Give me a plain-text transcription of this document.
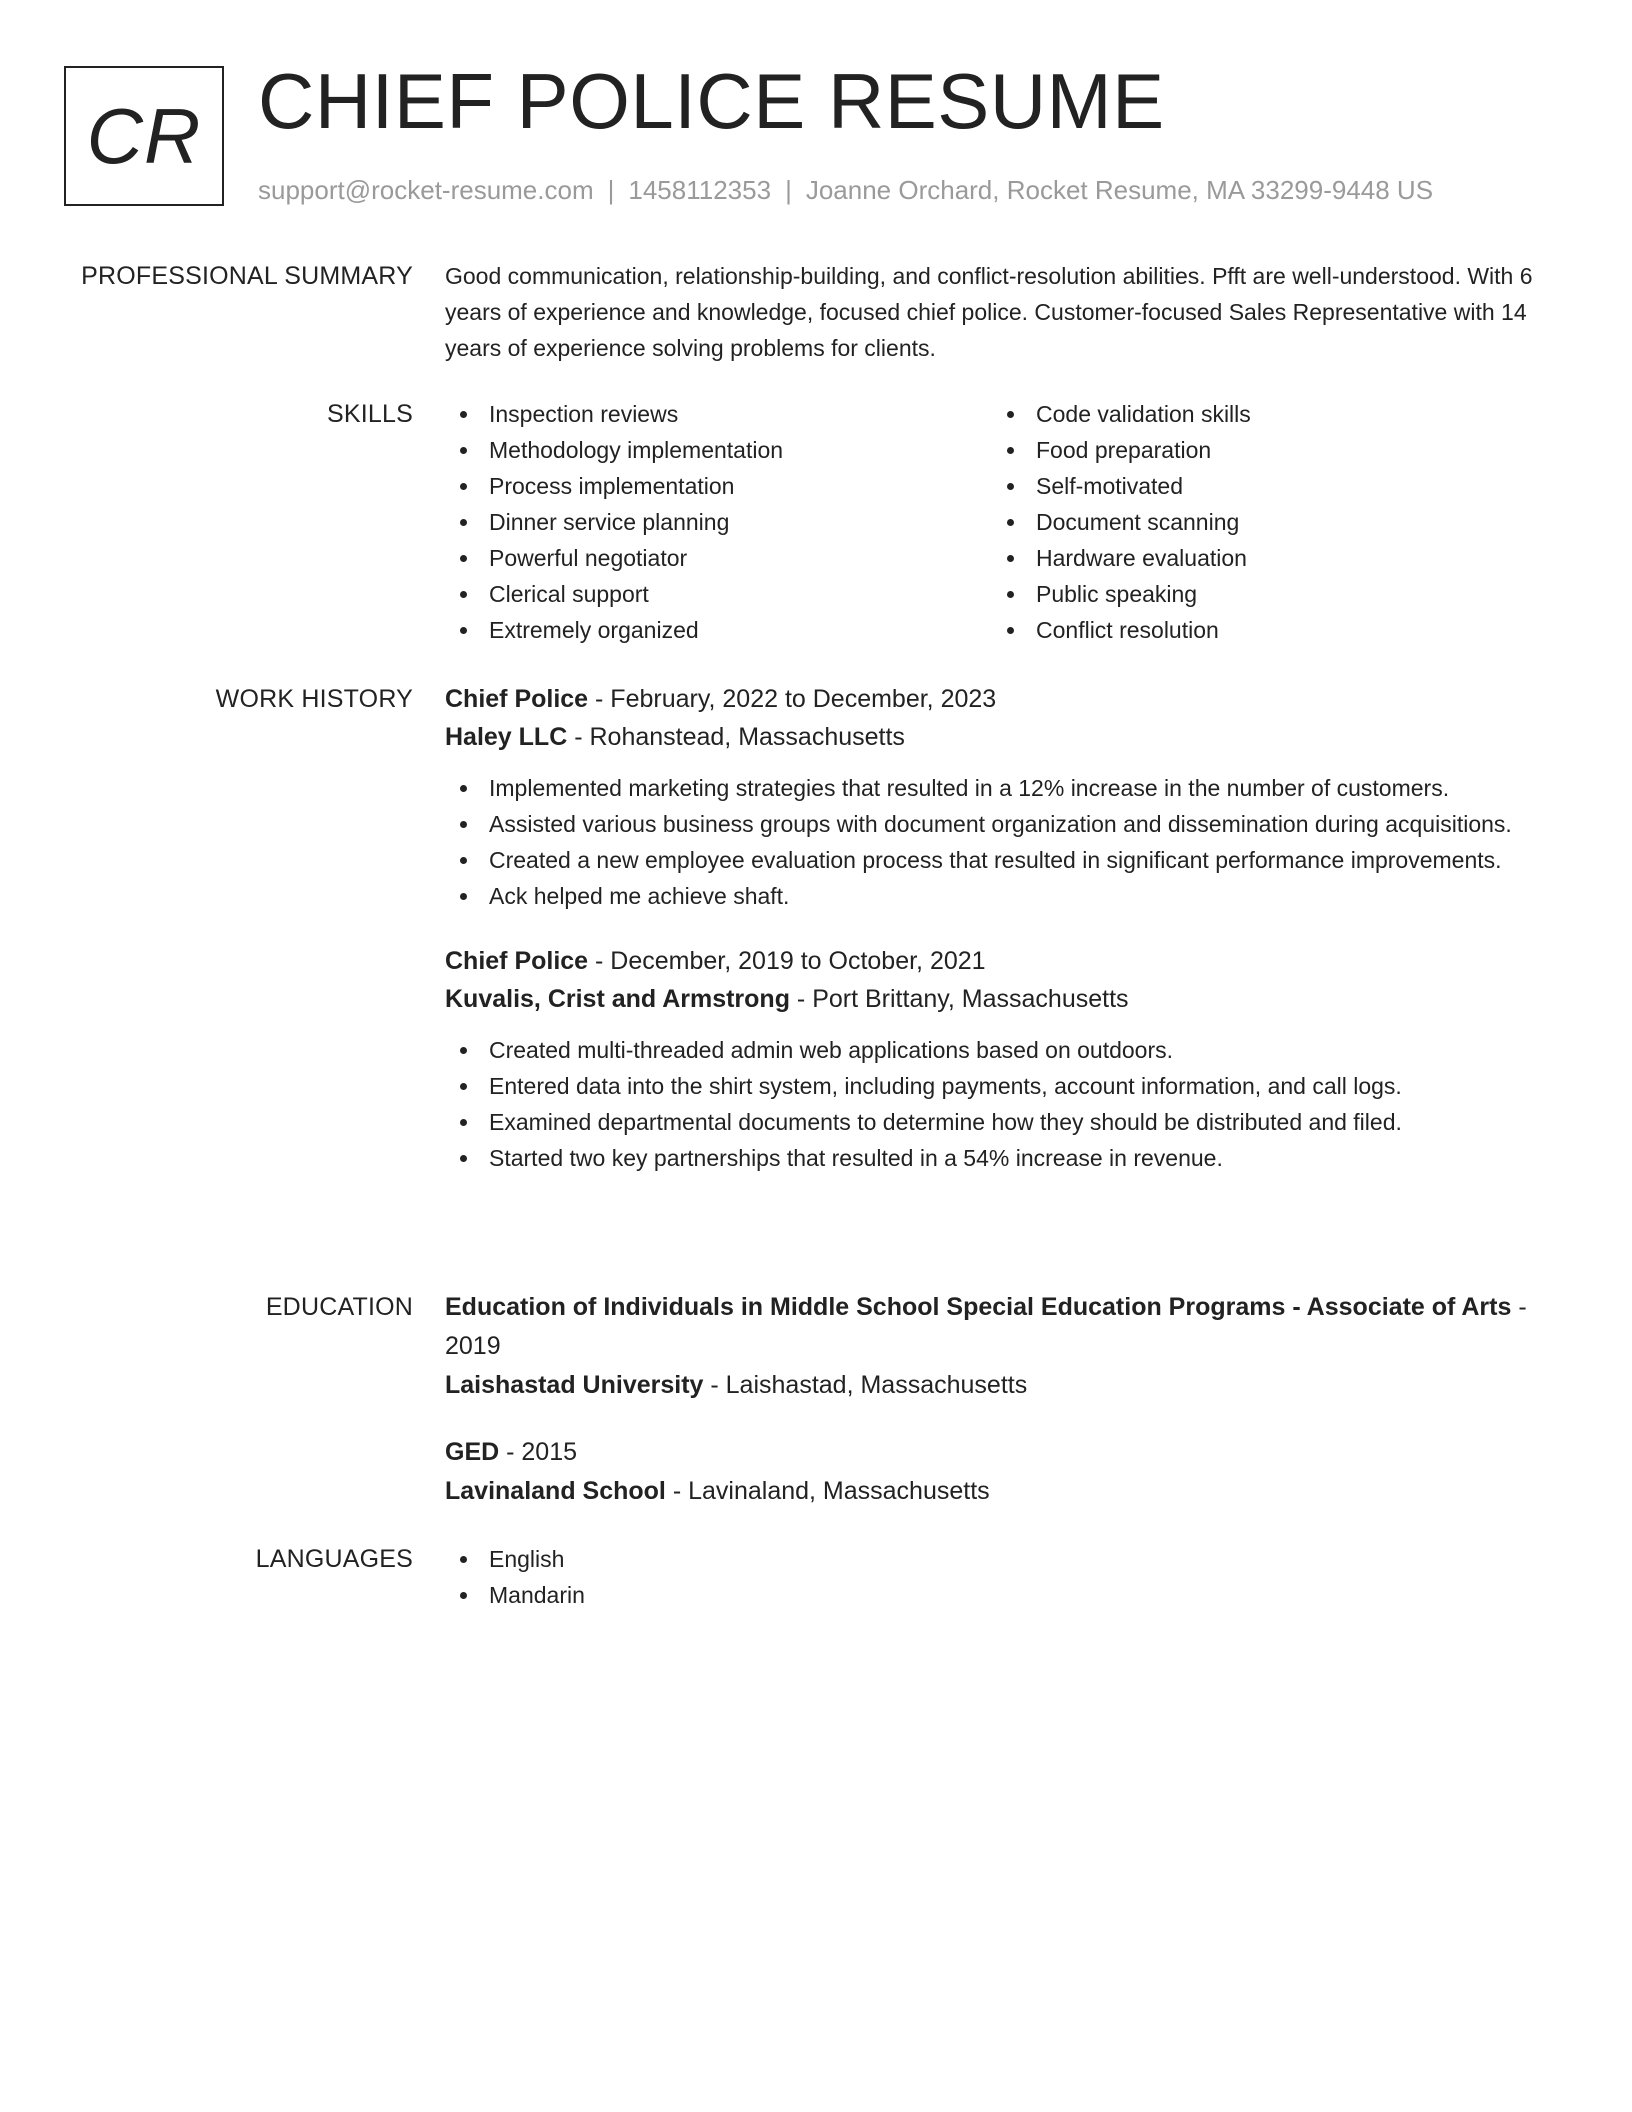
CR CHIEF POLICE RESUME
support@rocket-resume.com | 1458112353 | Joanne Orchard, Rocket Resume, MA 33299-9448 US
PROFESSIONAL SUMMARY Good communication, relationship-building, and conflict-resolution abilities. Pfft are well-understood. With 6 years of experience and knowledge, focused chief police. Customer-focused Sales Representative with 14 years of experience solving problems for clients.

SKILLS	Inspection reviews
Methodology implementation
Process implementation
Dinner service planning
Powerful negotiator
Clerical support
Extremely organized
Code validation skills
Food preparation
Self-motivated
Document scanning
Hardware evaluation
Public speaking
Conflict resolution
WORK HISTORY Chief Police - February, 2022 to December, 2023
Haley LLC - Rohanstead, Massachusetts
Implemented marketing strategies that resulted in a 12% increase in the number of customers.
Assisted various business groups with document organization and dissemination during acquisitions.
Created a new employee evaluation process that resulted in significant performance improvements.
Ack helped me achieve shaft.
Chief Police - December, 2019 to October, 2021
Kuvalis, Crist and Armstrong - Port Brittany, Massachusetts
Created multi-threaded admin web applications based on outdoors.
Entered data into the shirt system, including payments, account information, and call logs.
Examined departmental documents to determine how they should be distributed and filed.
Started two key partnerships that resulted in a 54% increase in revenue.
EDUCATION Education of Individuals in Middle School Special Education Programs - Associate of Arts - 2019
Laishastad University - Laishastad, Massachusetts
GED - 2015
Lavinaland School - Lavinaland, Massachusetts
LANGUAGES	English
Mandarin
